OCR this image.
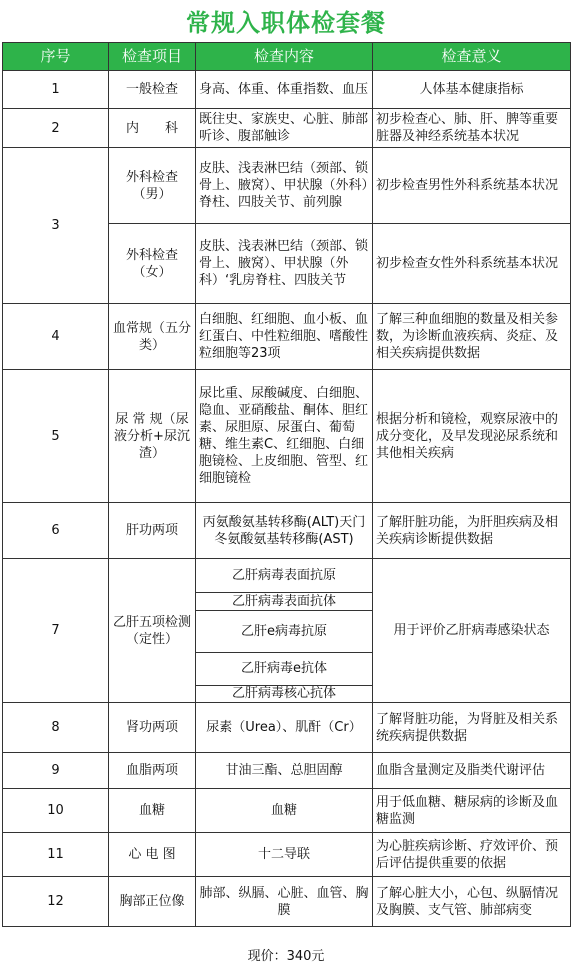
常规入职体检套餐
序号	检查项目	检查内容	检查意义
1	一般检查	身高、体重、体重指数、血压	人体基本健康指标
2	内　　科	既往史、家族史、心脏、肺部听诊、腹部触诊	初步检查心、肺、肝、脾等重要脏器及神经系统基本状况
3	外科检查（男）	皮肤、浅表淋巴结（颈部、锁骨上、腋窝）、甲状腺（外科）脊柱、四肢关节、前列腺	初步检查男性外科系统基本状况
	外科检查（女）	皮肤、浅表淋巴结（颈部、锁骨上、腋窝）、甲状腺（外科）‘乳房脊柱、四肢关节	初步检查女性外科系统基本状况
4	血常规（五分类）	白细胞、红细胞、血小板、血红蛋白、中性粒细胞、嗜酸性粒细胞等23项	了解三种血细胞的数量及相关参数，为诊断血液疾病、炎症、及相关疾病提供数据
5	尿 常 规（尿液分析+尿沉渣）	尿比重、尿酸碱度、白细胞、隐血、亚硝酸盐、酮体、胆红素、尿胆原、尿蛋白、葡萄糖、维生素C、红细胞、白细胞镜检、上皮细胞、管型、红细胞镜检	根据分析和镜检，观察尿液中的成分变化，及早发现泌尿系统和其他相关疾病
6	肝功两项	丙氨酸氨基转移酶(ALT)天门冬氨酸氨基转移酶(AST)	了解肝脏功能，为肝胆疾病及相关疾病诊断提供数据
7	乙肝五项检测（定性）	乙肝病毒表面抗原	用于评价乙肝病毒感染状态
		乙肝病毒表面抗体	
		乙肝e病毒抗原	
		乙肝病毒e抗体	
		乙肝病毒核心抗体	
8	肾功两项	尿素（Urea）、肌酐（Cr）	了解肾脏功能，为肾脏及相关系统疾病提供数据
9	血脂两项	甘油三酯、总胆固醇	血脂含量测定及脂类代谢评估
10	血糖	血糖	用于低血糖、糖尿病的诊断及血糖监测
11	心 电 图	十二导联	为心脏疾病诊断、疗效评价、预后评估提供重要的依据
12	胸部正位像	肺部、纵膈、心脏、血管、胸膜	了解心脏大小，心包、纵膈情况及胸膜、支气管、肺部病变
现价：340元
